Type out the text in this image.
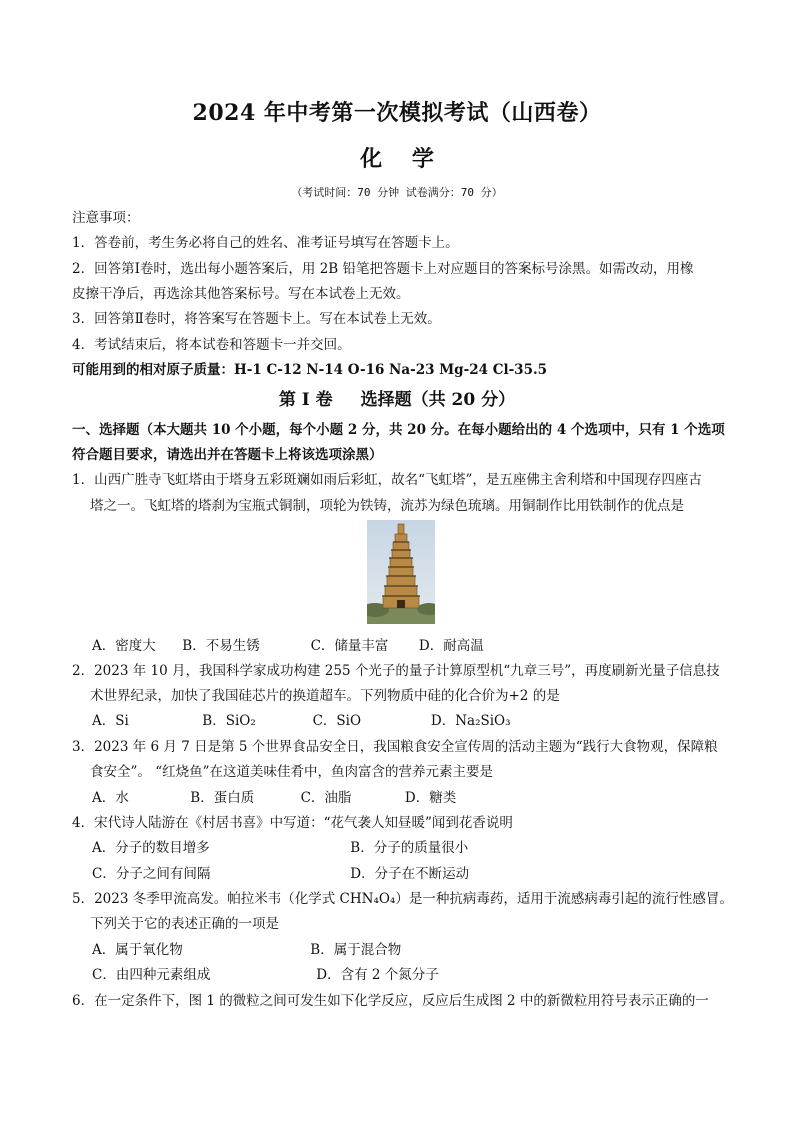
2024 年中考第一次模拟考试（山西卷）
化 学
（考试时间：70 分钟 试卷满分：70 分）
注意事项：
1．答卷前，考生务必将自己的姓名、准考证号填写在答题卡上。
2．回答第Ⅰ卷时，选出每小题答案后，用 2B 铅笔把答题卡上对应题目的答案标号涂黑。如需改动，用橡
皮擦干净后，再选涂其他答案标号。写在本试卷上无效。
3．回答第Ⅱ卷时，将答案写在答题卡上。写在本试卷上无效。
4．考试结束后，将本试卷和答题卡一并交回。
可能用到的相对原子质量：H-1 C-12 N-14 O-16 Na-23 Mg-24 Cl-35.5
第 I 卷 选择题（共 20 分）
一、选择题（本大题共 10 个小题，每个小题 2 分，共 20 分。在每小题给出的 4 个选项中，只有 1 个选项
符合题目要求，请选出并在答题卡上将该选项涂黑）
1．山西广胜寺飞虹塔由于塔身五彩斑斓如雨后彩虹，故名“飞虹塔”，是五座佛主舍利塔和中国现存四座古
塔之一。飞虹塔的塔刹为宝瓶式铜制，项轮为铁铸，流苏为绿色琉璃。用铜制作比用铁制作的优点是
A．密度大 B．不易生锈	C．储量丰富 D．耐高温
2．2023 年 10 月，我国科学家成功构建 255 个光子的量子计算原型机“九章三号”，再度刷新光量子信息技
术世界纪录，加快了我国硅芯片的换道超车。下列物质中硅的化合价为+2 的是
A．Si	B．SiO₂	C．SiO	D．Na₂SiO₃
3．2023 年 6 月 7 日是第 5 个世界食品安全日，我国粮食安全宣传周的活动主题为“践行大食物观，保障粮
食安全”。 “红烧鱼”在这道美味佳肴中，鱼肉富含的营养元素主要是
A．水	B．蛋白质	C．油脂	D．糖类
4．宋代诗人陆游在《村居书喜》中写道：“花气袭人知昼暖”闻到花香说明
A．分子的数目增多	B．分子的质量很小
C．分子之间有间隔	D．分子在不断运动
5．2023 冬季甲流高发。帕拉米韦（化学式 CHN₄O₄）是一种抗病毒药，适用于流感病毒引起的流行性感冒。
下列关于它的表述正确的一项是
A．属于氧化物	B．属于混合物
C．由四种元素组成	D．含有 2 个氮分子
6．在一定条件下，图 1 的微粒之间可发生如下化学反应，反应后生成图 2 中的新微粒用符号表示正确的一
